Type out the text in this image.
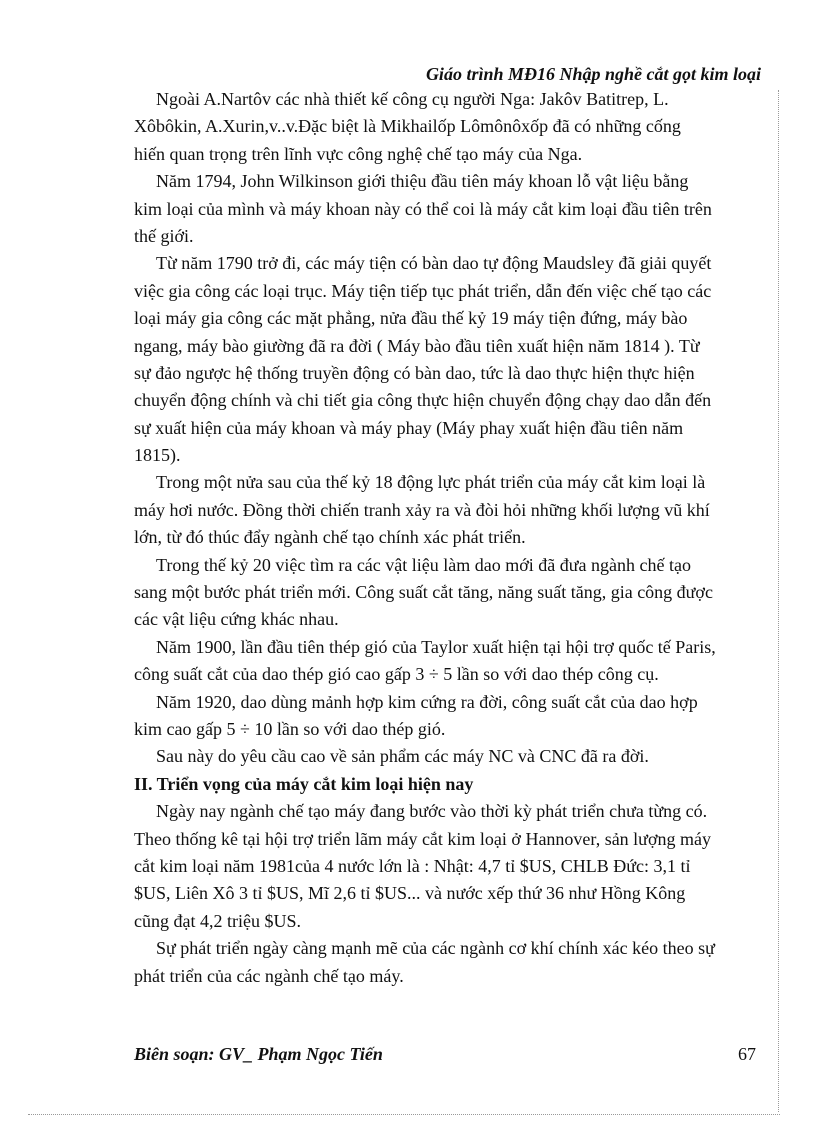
Giáo trình MĐ16 Nhập nghề cắt gọt kim loại
Ngoài A.Nartôv các nhà thiết kế công cụ người Nga: Jakôv Batitrep, L.
Xôbôkin, A.Xurin,v..v.Đặc biệt là Mikhailốp Lômônôxốp đã có những cống
hiến quan trọng trên lĩnh vực công nghệ chế tạo máy của Nga.
Năm 1794, John Wilkinson giới thiệu đầu tiên máy khoan lỗ vật liệu bằng
kim loại của mình và máy khoan này có thể coi là máy cắt kim loại đầu tiên trên
thế giới.
Từ năm 1790 trở đi, các máy tiện có bàn dao tự động Maudsley đã giải quyết
việc gia công các loại trục. Máy tiện tiếp tục phát triển, dẫn đến việc chế tạo các
loại máy gia công các mặt phẳng, nửa đầu thế kỷ 19 máy tiện đứng, máy bào
ngang, máy bào giường đã ra đời ( Máy bào đầu tiên xuất hiện năm 1814 ). Từ
sự đảo ngược hệ thống truyền động có bàn dao, tức là dao thực hiện thực hiện
chuyển động chính và chi tiết gia công thực hiện chuyển động chạy dao dẫn đến
sự xuất hiện của máy khoan và máy phay (Máy phay xuất hiện đầu tiên năm
1815).
Trong một nửa sau của thế kỷ 18 động lực phát triển của máy cắt kim loại là
máy hơi nước. Đồng thời chiến tranh xảy ra và đòi hỏi những khối lượng vũ khí
lớn, từ đó thúc đẩy ngành chế tạo chính xác phát triển.
Trong thế kỷ 20 việc tìm ra các vật liệu làm dao mới đã đưa ngành chế tạo
sang một bước phát triển mới. Công suất cắt tăng, năng suất tăng, gia công được
các vật liệu cứng khác nhau.
Năm 1900, lần đầu tiên thép gió của Taylor xuất hiện tại hội trợ quốc tế Paris,
công suất cắt của dao thép gió cao gấp 3 ÷ 5 lần so với dao thép công cụ.
Năm 1920, dao dùng mảnh hợp kim cứng ra đời, công suất cắt của dao hợp
kim cao gấp 5 ÷ 10 lần so với dao thép gió.
Sau này do yêu cầu cao về sản phẩm các máy NC và CNC đã ra đời.
II. Triển vọng của máy cắt kim loại hiện nay
Ngày nay ngành chế tạo máy đang bước vào thời kỳ phát triển chưa từng có.
Theo thống kê tại hội trợ triển lãm máy cắt kim loại ở Hannover, sản lượng máy
cắt kim loại năm 1981của 4 nước lớn là : Nhật: 4,7 tỉ $US, CHLB Đức: 3,1 tỉ
$US, Liên Xô 3 tỉ $US, Mĩ 2,6 tỉ $US... và nước xếp thứ 36 như Hồng Kông
cũng đạt 4,2 triệu $US.
Sự phát triển ngày càng mạnh mẽ của các ngành cơ khí chính xác kéo theo sự
phát triển của các ngành chế tạo máy.
Biên soạn: GV_ Phạm Ngọc Tiến	67
